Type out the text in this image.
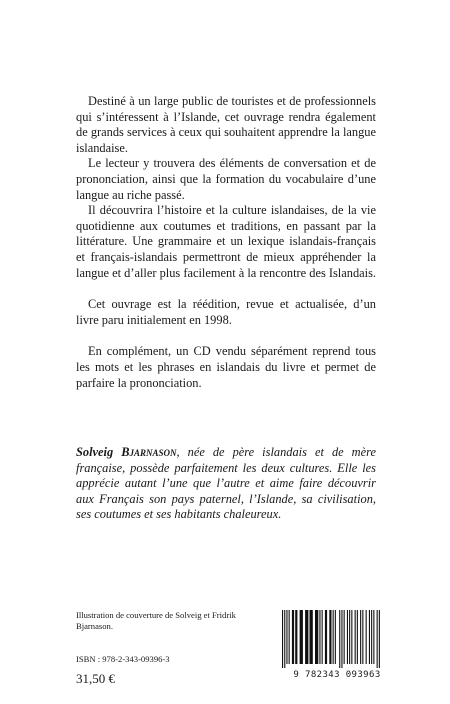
Destiné à un large public de touristes et de professionnels qui s’intéressent à l’Islande, cet ouvrage rendra également de grands services à ceux qui souhaitent apprendre la langue islandaise.

Le lecteur y trouvera des éléments de conversation et de prononciation, ainsi que la formation du vocabulaire d’une langue au riche passé.

Il découvrira l’histoire et la culture islandaises, de la vie quotidienne aux coutumes et traditions, en passant par la littérature. Une grammaire et un lexique islandais-français et français-islandais permettront de mieux appréhender la langue et d’aller plus facilement à la rencontre des Islandais.

Cet ouvrage est la réédition, revue et actualisée, d’un livre paru initialement en 1998.

En complément, un CD vendu séparément reprend tous les mots et les phrases en islandais du livre et permet de parfaire la prononciation.

Solveig Bjarnason, née de père islandais et de mère française, possède parfaitement les deux cultures. Elle les apprécie autant l’une que l’autre et aime faire découvrir aux Français son pays paternel, l’Islande, sa civilisation, ses coutumes et ses habitants chaleureux.
Illustration de couverture de Solveig et Fridrik Bjarnason.
ISBN : 978-2-343-09396-3
31,50 €	9 782343 093963
